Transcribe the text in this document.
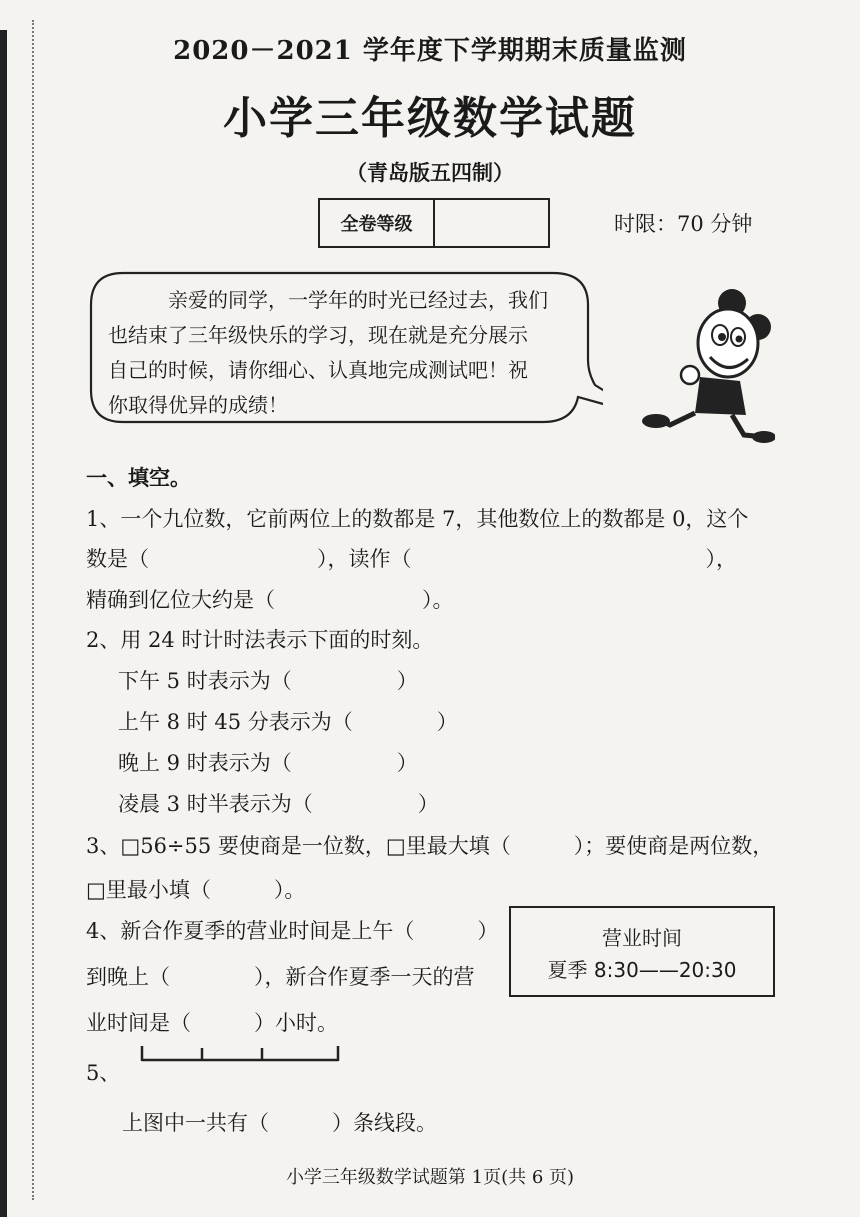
2020－2021 学年度下学期期末质量监测
小学三年级数学试题
（青岛版五四制）
全卷等级	时限：70 分钟

亲爱的同学，一学年的时光已经过去，我们

也结束了三年级快乐的学习，现在就是充分展示

自己的时候，请你细心、认真地完成测试吧！祝

你取得优异的成绩！

一、填空。
1、一个九位数，它前两位上的数都是 7，其他数位上的数都是 0，这个
数是（　　　　　　　　），读作（　　　　　　　　　　　　　　），
精确到亿位大约是（　　　　　　　）。
2、用 24 时计时法表示下面的时刻。
下午 5 时表示为（　　　　　）
上午 8 时 45 分表示为（　　　　）
晚上 9 时表示为（　　　　　）
凌晨 3 时半表示为（　　　　　）
3、□56÷55 要使商是一位数，□里最大填（　　　）；要使商是两位数，
□里最小填（　　　）。
4、新合作夏季的营业时间是上午（　　　）
到晚上（　　　　），新合作夏季一天的营
业时间是（　　　）小时。
营业时间
夏季 8:30——20:30
5、
上图中一共有（　　　）条线段。
小学三年级数学试题第 1页(共 6 页)
